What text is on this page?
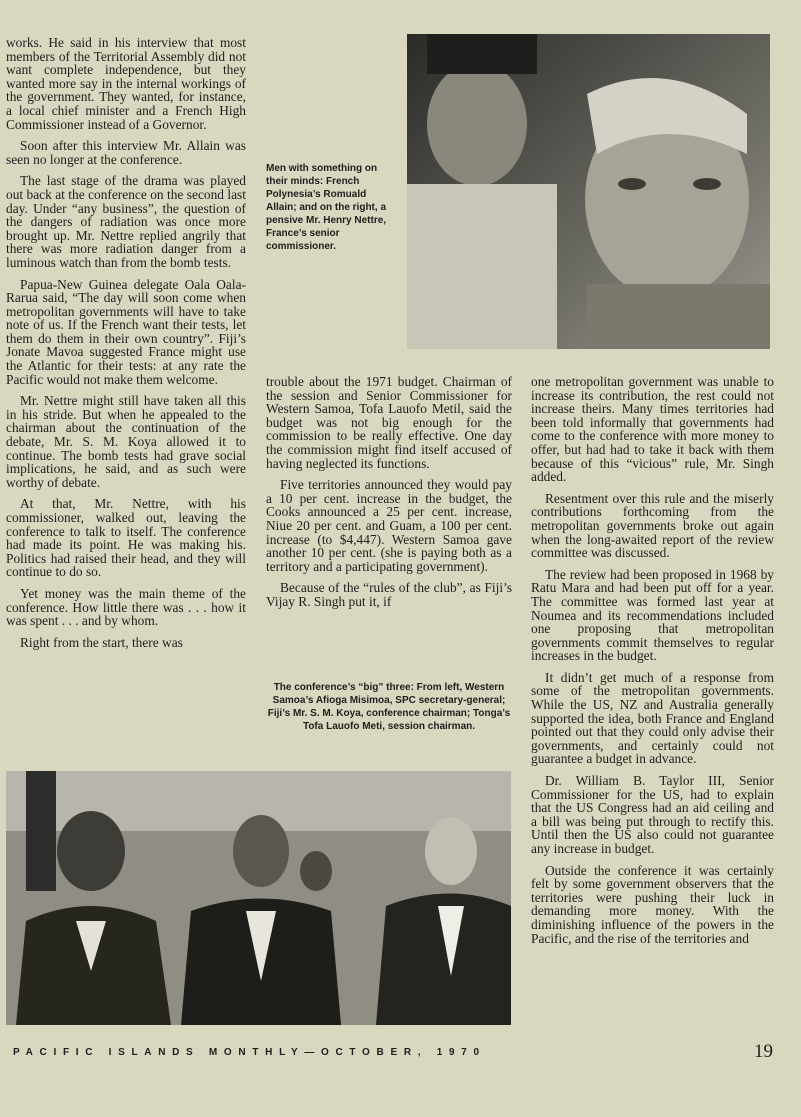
works. He said in his interview that most members of the Territorial Assembly did not want complete independence, but they wanted more say in the internal workings of the government. They wanted, for instance, a local chief minister and a French High Commissioner instead of a Governor.

Soon after this interview Mr. Allain was seen no longer at the conference.

The last stage of the drama was played out back at the conference on the second last day. Under “any business”, the question of the dangers of radiation was once more brought up. Mr. Nettre replied angrily that there was more radiation danger from a luminous watch than from the bomb tests.

Papua-New Guinea delegate Oala Oala-Rarua said, “The day will soon come when metropolitan governments will have to take note of us. If the French want their tests, let them do them in their own country”. Fiji’s Jonate Mavoa suggested France might use the Atlantic for their tests: at any rate the Pacific would not make them welcome.

Mr. Nettre might still have taken all this in his stride. But when he appealed to the chairman about the continuation of the debate, Mr. S. M. Koya allowed it to continue. The bomb tests had grave social implications, he said, and as such were worthy of debate.

At that, Mr. Nettre, with his commissioner, walked out, leaving the conference to talk to itself. The conference had made its point. He was making his. Politics had raised their head, and they will continue to do so.

Yet money was the main theme of the conference. How little there was . . . how it was spent . . . and by whom.

Right from the start, there was

Men with something on their minds: French Polynesia’s Romuald Allain; and on the right, a pensive Mr. Henry Nettre, France’s senior commissioner.

trouble about the 1971 budget. Chairman of the session and Senior Commissioner for Western Samoa, Tofa Lauofo Metil, said the budget was not big enough for the commission to be really effective. One day the commission might find itself accused of having neglected its functions.

Five territories announced they would pay a 10 per cent. increase in the budget, the Cooks announced a 25 per cent. increase, Niue 20 per cent. and Guam, a 100 per cent. increase (to $4,447). Western Samoa gave another 10 per cent. (she is paying both as a territory and a participating government).

Because of the “rules of the club”, as Fiji’s Vijay R. Singh put it, if

The conference’s “big” three: From left, Western Samoa’s Afioga Misimoa, SPC secretary-general; Fiji’s Mr. S. M. Koya, conference chairman; Tonga’s Tofa Lauofo Meti, session chairman.

one metropolitan government was unable to increase its contribution, the rest could not increase theirs. Many times territories had been told informally that governments had come to the conference with more money to offer, but had had to take it back with them because of this “vicious” rule, Mr. Singh added.

Resentment over this rule and the miserly contributions forthcoming from the metropolitan governments broke out again when the long-awaited report of the review committee was discussed.

The review had been proposed in 1968 by Ratu Mara and had been put off for a year. The committee was formed last year at Noumea and its recommendations included one proposing that metropolitan governments commit themselves to regular increases in the budget.

It didn’t get much of a response from some of the metropolitan governments. While the US, NZ and Australia generally supported the idea, both France and England pointed out that they could only advise their governments, and certainly could not guarantee a budget in advance.

Dr. William B. Taylor III, Senior Commissioner for the US, had to explain that the US Congress had an aid ceiling and a bill was being put through to rectify this. Until then the US also could not guarantee any increase in budget.

Outside the conference it was certainly felt by some government observers that the territories were pushing their luck in demanding more money. With the diminishing influence of the powers in the Pacific, and the rise of the territories and

PACIFIC ISLANDS MONTHLY—OCTOBER, 1970	19
